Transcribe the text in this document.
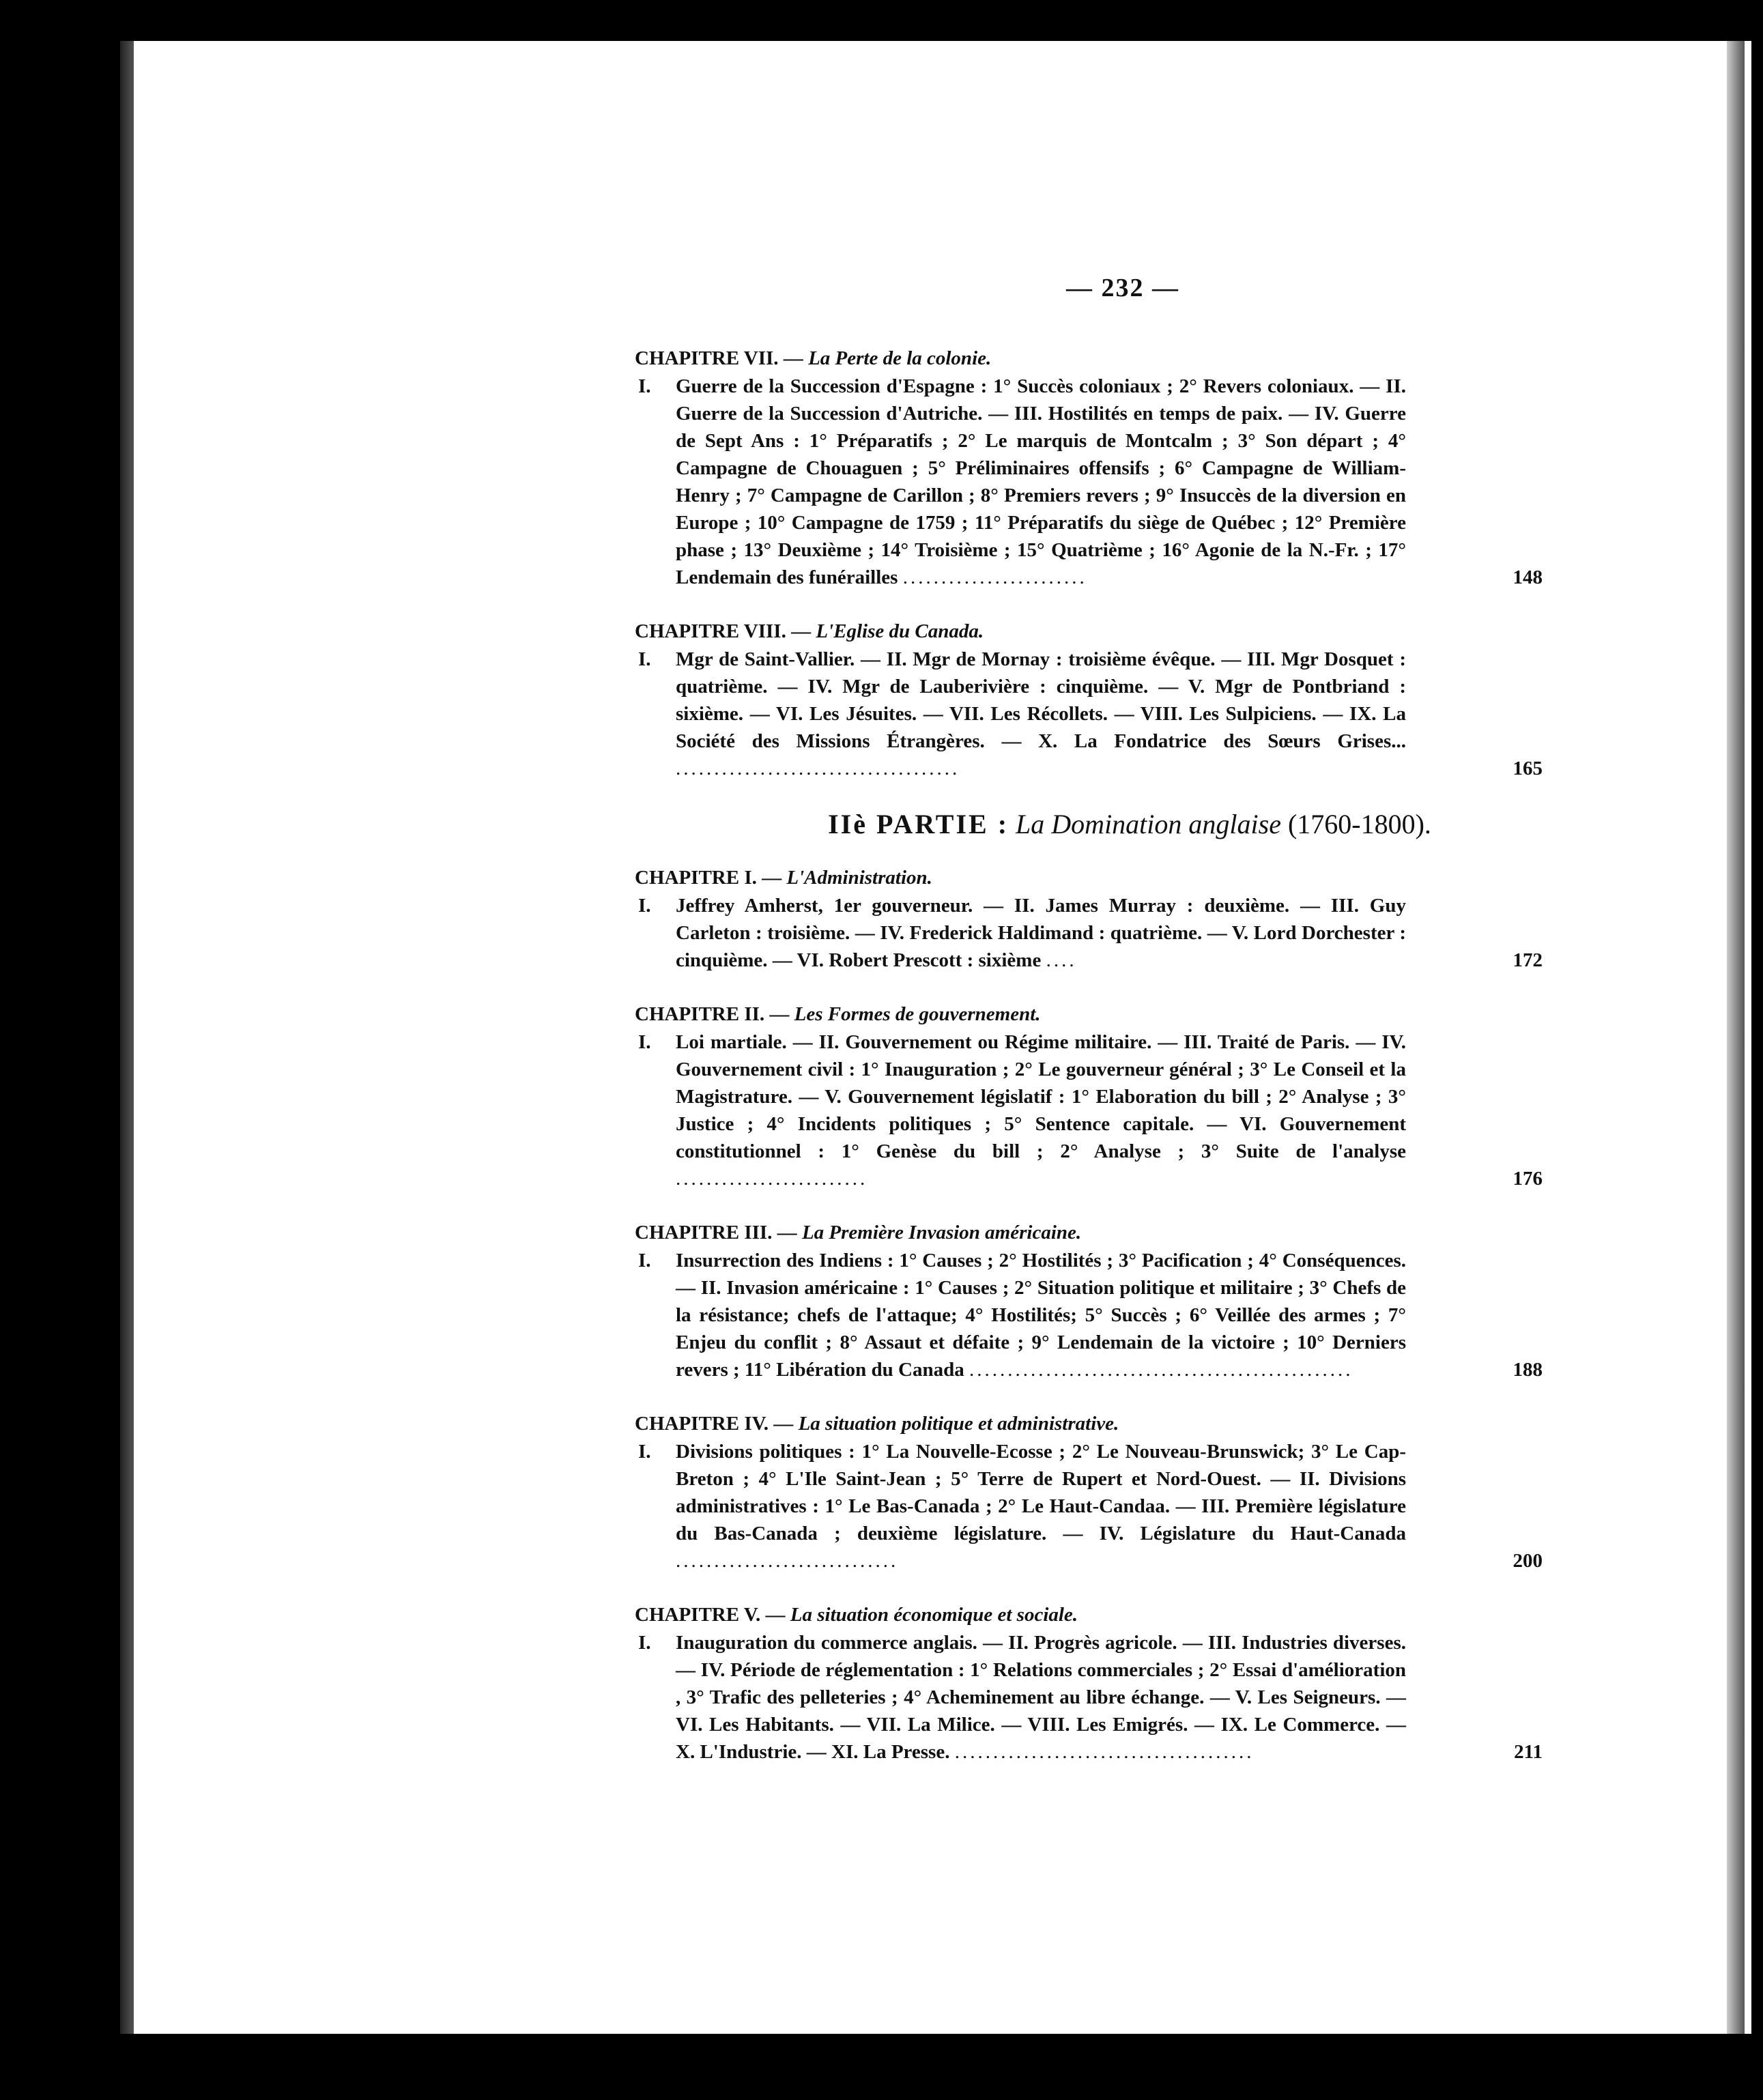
— 232 —
CHAPITRE VII. — La Perte de la colonie.
I. Guerre de la Succession d'Espagne : 1° Succès coloniaux ; 2° Revers coloniaux. — II. Guerre de la Succession d'Autriche. — III. Hostilités en temps de paix. — IV. Guerre de Sept Ans : 1° Préparatifs ; 2° Le marquis de Montcalm ; 3° Son départ ; 4° Campagne de Chouaguen ; 5° Préliminaires offensifs ; 6° Campagne de William-Henry ; 7° Campagne de Carillon ; 8° Premiers revers ; 9° Insuccès de la diversion en Europe ; 10° Campagne de 1759 ; 11° Préparatifs du siège de Québec ; 12° Première phase ; 13° Deuxième ; 14° Troisième ; 15° Quatrième ; 16° Agonie de la N.-Fr. ; 17° Lendemain des funérailles ........................	148
CHAPITRE VIII. — L'Eglise du Canada.
I. Mgr de Saint-Vallier. — II. Mgr de Mornay : troisième évêque. — III. Mgr Dosquet : quatrième. — IV. Mgr de Lauberivière : cinquième. — V. Mgr de Pontbriand : sixième. — VI. Les Jésuites. — VII. Les Récollets. — VIII. Les Sulpiciens. — IX. La Société des Missions Étrangères. — X. La Fondatrice des Sœurs Grises... .....................................	165
IIè PARTIE : La Domination anglaise (1760-1800).
CHAPITRE I. — L'Administration.
I. Jeffrey Amherst, 1er gouverneur. — II. James Murray : deuxième. — III. Guy Carleton : troisième. — IV. Frederick Haldimand : quatrième. — V. Lord Dorchester : cinquième. — VI. Robert Prescott : sixième ....	172
CHAPITRE II. — Les Formes de gouvernement.
I. Loi martiale. — II. Gouvernement ou Régime militaire. — III. Traité de Paris. — IV. Gouvernement civil : 1° Inauguration ; 2° Le gouverneur général ; 3° Le Conseil et la Magistrature. — V. Gouvernement législatif : 1° Elaboration du bill ; 2° Analyse ; 3° Justice ; 4° Incidents politiques ; 5° Sentence capitale. — VI. Gouvernement constitutionnel : 1° Genèse du bill ; 2° Analyse ; 3° Suite de l'analyse .........................	176
CHAPITRE III. — La Première Invasion américaine.
I. Insurrection des Indiens : 1° Causes ; 2° Hostilités ; 3° Pacification ; 4° Conséquences. — II. Invasion américaine : 1° Causes ; 2° Situation politique et militaire ; 3° Chefs de la résistance; chefs de l'attaque; 4° Hostilités; 5° Succès ; 6° Veillée des armes ; 7° Enjeu du conflit ; 8° Assaut et défaite ; 9° Lendemain de la victoire ; 10° Derniers revers ; 11° Libération du Canada ..................................................	188
CHAPITRE IV. — La situation politique et administrative.
I. Divisions politiques : 1° La Nouvelle-Ecosse ; 2° Le Nouveau-Brunswick; 3° Le Cap-Breton ; 4° L'Ile Saint-Jean ; 5° Terre de Rupert et Nord-Ouest. — II. Divisions administratives : 1° Le Bas-Canada ; 2° Le Haut-Candaa. — III. Première législature du Bas-Canada ; deuxième législature. — IV. Législature du Haut-Canada .............................	200
CHAPITRE V. — La situation économique et sociale.
I. Inauguration du commerce anglais. — II. Progrès agricole. — III. Industries diverses. — IV. Période de réglementation : 1° Relations commerciales ; 2° Essai d'amélioration , 3° Trafic des pelleteries ; 4° Acheminement au libre échange. — V. Les Seigneurs. — VI. Les Habitants. — VII. La Milice. — VIII. Les Emigrés. — IX. Le Commerce. — X. L'Industrie. — XI. La Presse. .......................................	211
